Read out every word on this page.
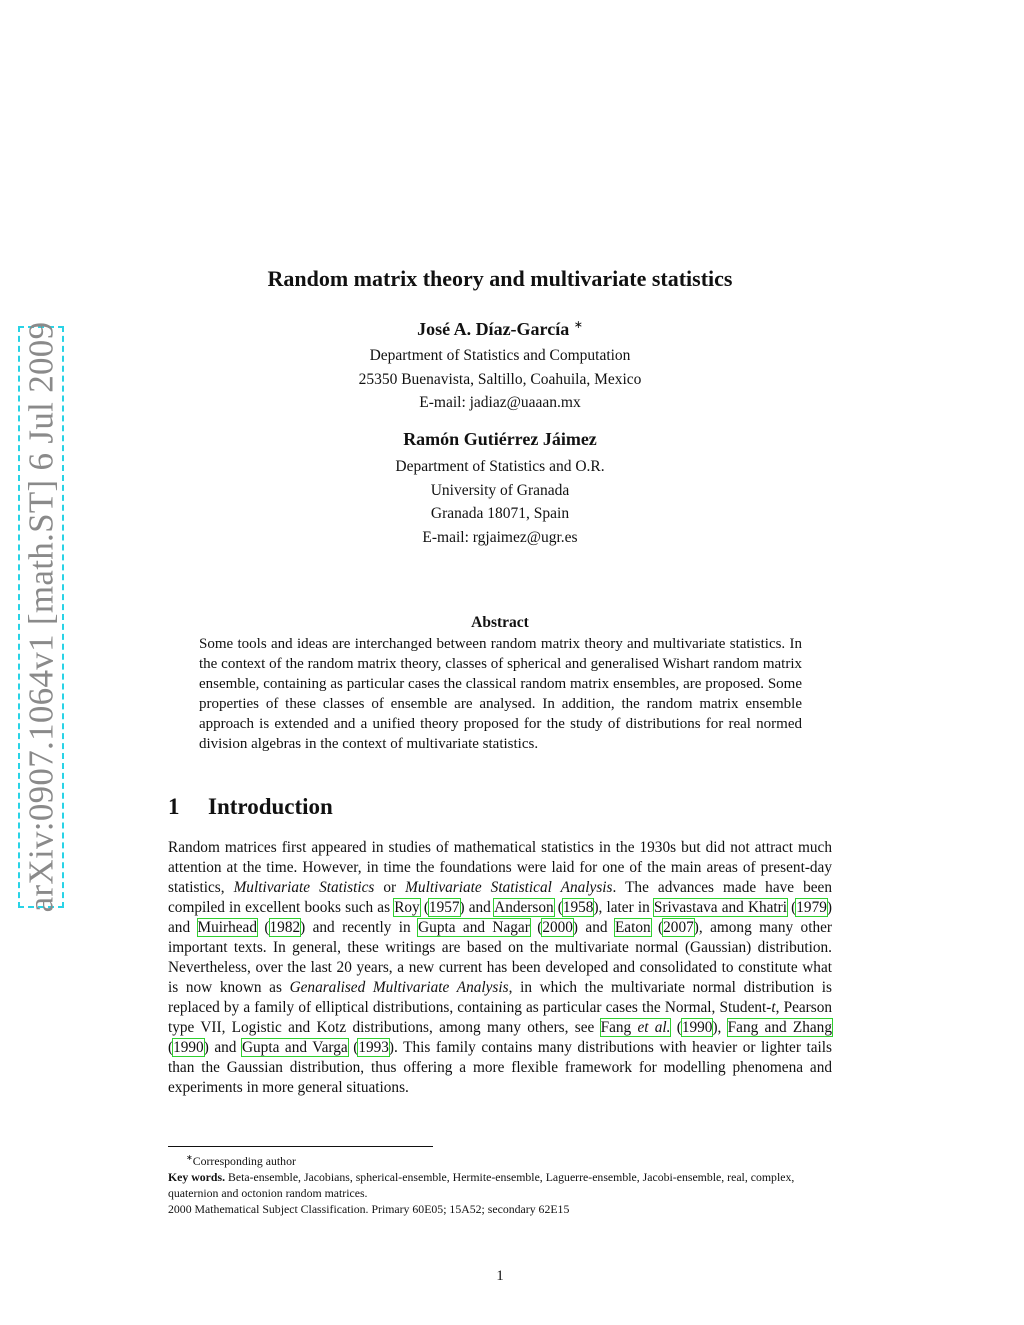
arXiv:0907.1064v1 [math.ST] 6 Jul 2009
Random matrix theory and multivariate statistics
José A. Díaz-García ∗
Department of Statistics and Computation
25350 Buenavista, Saltillo, Coahuila, Mexico
E-mail: jadiaz@uaaan.mx
Ramón Gutiérrez Jáimez
Department of Statistics and O.R.
University of Granada
Granada 18071, Spain
E-mail: rgjaimez@ugr.es
Abstract
Some tools and ideas are interchanged between random matrix theory and multivariate statistics. In the context of the random matrix theory, classes of spherical and generalised Wishart random matrix ensemble, containing as particular cases the classical random matrix ensembles, are proposed. Some properties of these classes of ensemble are analysed. In addition, the random matrix ensemble approach is extended and a unified theory proposed for the study of distributions for real normed division algebras in the context of multivariate statistics.
1 Introduction
Random matrices first appeared in studies of mathematical statistics in the 1930s but did not attract much attention at the time. However, in time the foundations were laid for one of the main areas of present-day statistics, Multivariate Statistics or Multivariate Statistical Analysis. The advances made have been compiled in excellent books such as Roy (1957) and Anderson (1958), later in Srivastava and Khatri (1979) and Muirhead (1982) and recently in Gupta and Nagar (2000) and Eaton (2007), among many other important texts. In general, these writings are based on the multivariate normal (Gaussian) distribution. Nevertheless, over the last 20 years, a new current has been developed and consolidated to constitute what is now known as Genaralised Multivariate Analysis, in which the multivariate normal distribution is replaced by a family of elliptical distributions, containing as particular cases the Normal, Student-t, Pearson type VII, Logistic and Kotz distributions, among many others, see Fang et al. (1990), Fang and Zhang (1990) and Gupta and Varga (1993). This family contains many distributions with heavier or lighter tails than the Gaussian distribution, thus offering a more flexible framework for modelling phenomena and experiments in more general situations.

∗Corresponding author

Key words. Beta-ensemble, Jacobians, spherical-ensemble, Hermite-ensemble, Laguerre-ensemble, Jacobi-ensemble, real, complex, quaternion and octonion random matrices.

2000 Mathematical Subject Classification. Primary 60E05; 15A52; secondary 62E15

1
